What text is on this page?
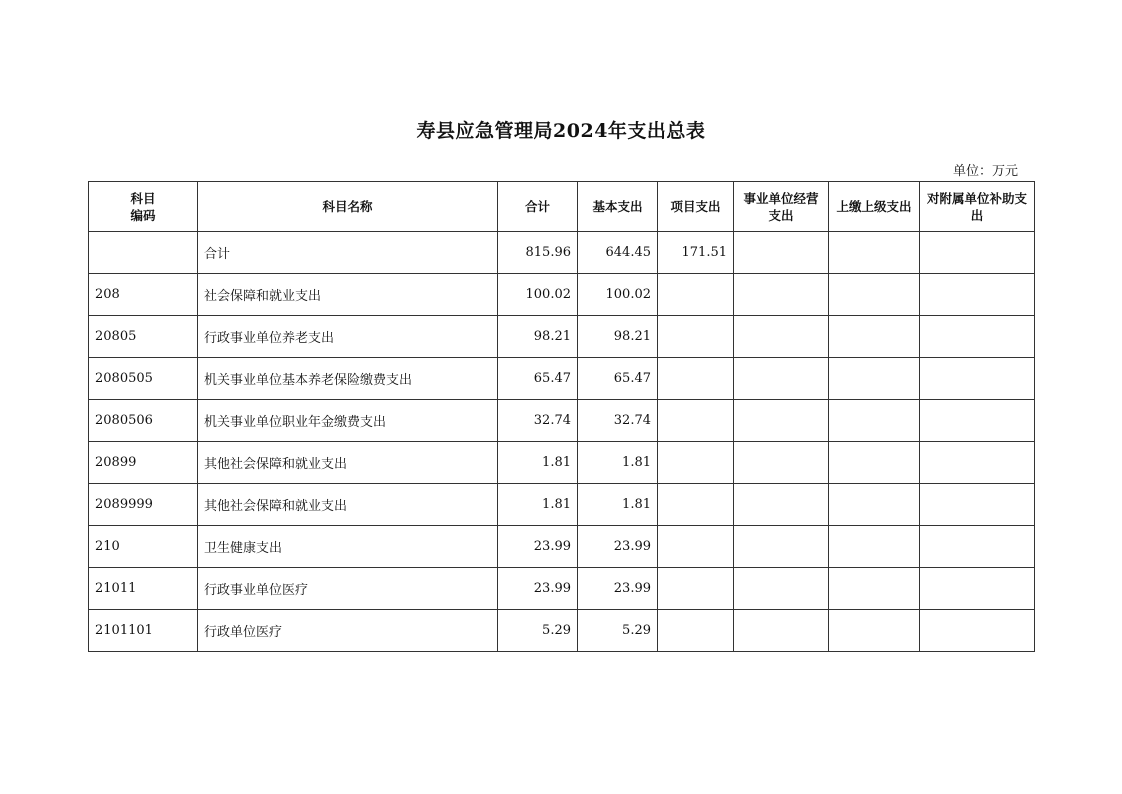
寿县应急管理局2024年支出总表
单位：万元
科目编码	科目名称	合计	基本支出	项目支出	事业单位经营支出	上缴上级支出	对附属单位补助支出
	合计	815.96	644.45	171.51			
208	社会保障和就业支出	100.02	100.02				
20805	行政事业单位养老支出	98.21	98.21				
2080505	机关事业单位基本养老保险缴费支出	65.47	65.47				
2080506	机关事业单位职业年金缴费支出	32.74	32.74				
20899	其他社会保障和就业支出	1.81	1.81				
2089999	其他社会保障和就业支出	1.81	1.81				
210	卫生健康支出	23.99	23.99				
21011	行政事业单位医疗	23.99	23.99				
2101101	行政单位医疗	5.29	5.29				
